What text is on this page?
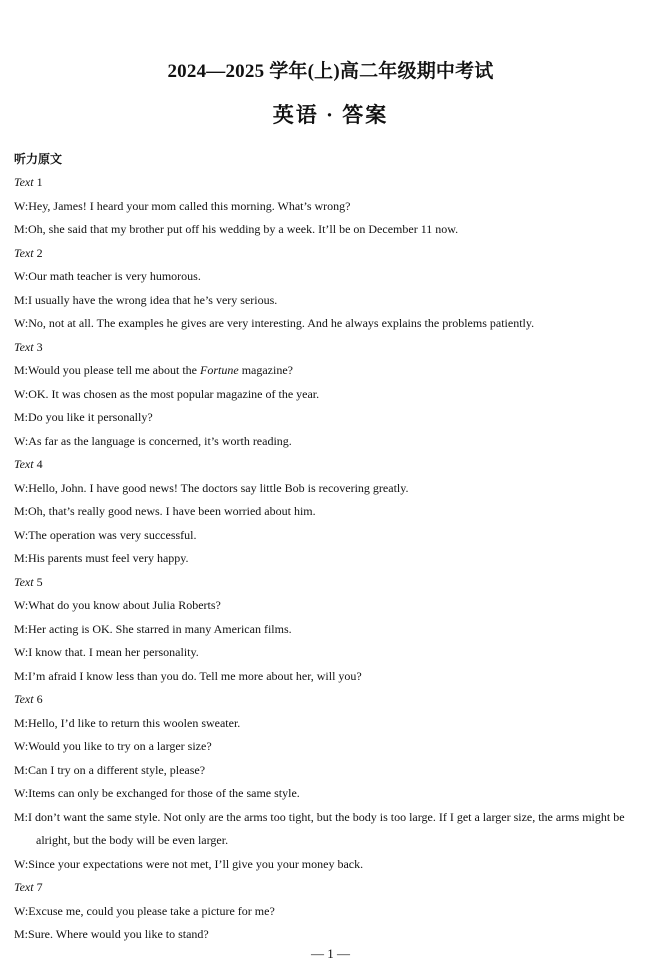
2024—2025 学年(上)高二年级期中考试
英语 · 答案
听力原文
Text 1
W:Hey, James! I heard your mom called this morning. What’s wrong?
M:Oh, she said that my brother put off his wedding by a week. It’ll be on December 11 now.
Text 2
W:Our math teacher is very humorous.
M:I usually have the wrong idea that he’s very serious.
W:No, not at all. The examples he gives are very interesting. And he always explains the problems patiently.
Text 3
M:Would you please tell me about the Fortune magazine?
W:OK. It was chosen as the most popular magazine of the year.
M:Do you like it personally?
W:As far as the language is concerned, it’s worth reading.
Text 4
W:Hello, John. I have good news! The doctors say little Bob is recovering greatly.
M:Oh, that’s really good news. I have been worried about him.
W:The operation was very successful.
M:His parents must feel very happy.
Text 5
W:What do you know about Julia Roberts?
M:Her acting is OK. She starred in many American films.
W:I know that. I mean her personality.
M:I’m afraid I know less than you do. Tell me more about her, will you?
Text 6
M:Hello, I’d like to return this woolen sweater.
W:Would you like to try on a larger size?
M:Can I try on a different style, please?
W:Items can only be exchanged for those of the same style.
M:I don’t want the same style. Not only are the arms too tight, but the body is too large. If I get a larger size, the arms might be alright, but the body will be even larger.
W:Since your expectations were not met, I’ll give you your money back.
Text 7
W:Excuse me, could you please take a picture for me?
M:Sure. Where would you like to stand?
— 1 —
